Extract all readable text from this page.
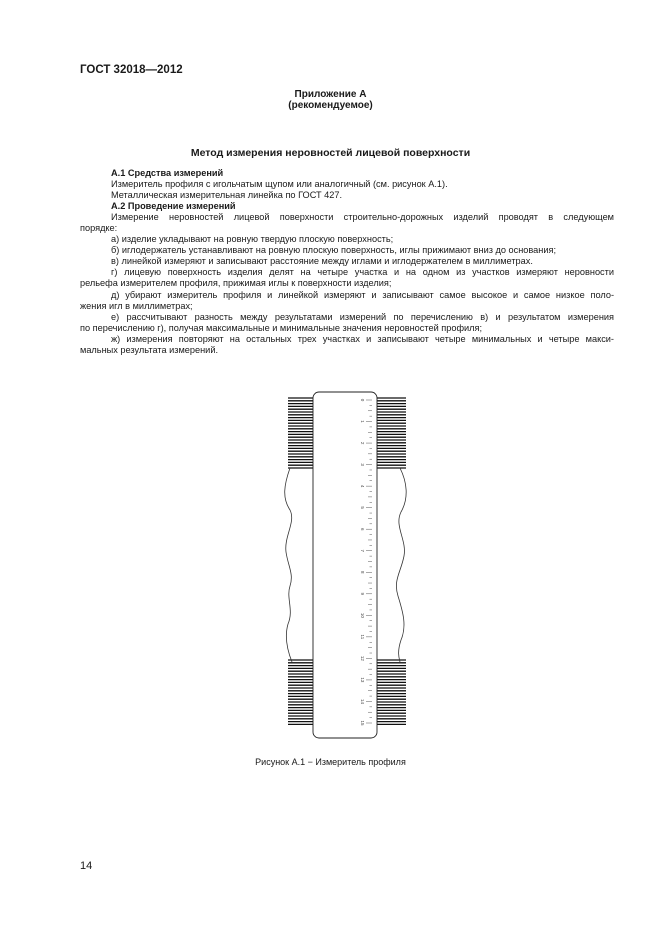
ГОСТ 32018—2012
Приложение А
(рекомендуемое)
Метод измерения неровностей лицевой поверхности

А.1 Средства измерений

Измеритель профиля с игольчатым щупом или аналогичный (см. рисунок А.1).

Металлическая измерительная линейка по ГОСТ 427.

А.2 Проведение измерений

Измерение неровностей лицевой поверхности строительно-дорожных изделий проводят в следующем

порядке:

а) изделие укладывают на ровную твердую плоскую поверхность;

б) иглодержатель устанавливают на ровную плоскую поверхность, иглы прижимают вниз до основания;

в) линейкой измеряют и записывают расстояние между иглами и иглодержателем в миллиметрах.

г) лицевую поверхность изделия делят на четыре участка и на одном из участков измеряют неровности

рельефа измерителем профиля, прижимая иглы к поверхности изделия;

д) убирают измеритель профиля и линейкой измеряют и записывают самое высокое и самое низкое поло-

жения игл в миллиметрах;

е) рассчитывают разность между результатами измерений по перечислению в) и результатом измерения

по перечислению г), получая максимальные и минимальные значения неровностей профиля;

ж) измерения повторяют на остальных трех участках и записывают четыре минимальных и четыре макси-

мальных результата измерений.

0
1
2
3
4
5
6
7
8
9
10
11
12
13
14
15
Рисунок А.1 − Измеритель профиля
14
